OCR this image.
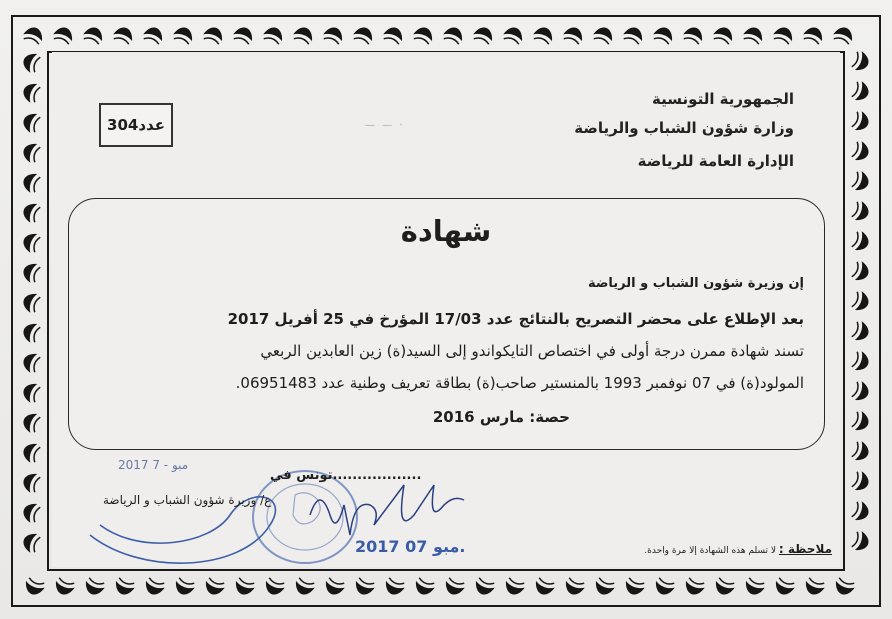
الجمهورية التونسية
وزارة شؤون الشباب والرياضة
الإدارة العامة للرياضة
عدد304	— — ·
شهادة
إن وزيرة شؤون الشباب و الرياضة
بعد الإطلاع على محضر التصريح بالنتائج عدد 17/03 المؤرخ في 25 أفريل 2017
تسند شهادة ممرن درجة أولى في اختصاص التايكواندو إلى السيد(ة) زين العابدين الربعي
المولود(ة) في 07 نوفمبر 1993 بالمنستير صاحب(ة) بطاقة تعريف وطنية عدد 06951483.
حصة: مارس 2016
2017 7 - مبو
تونس في..................
ع/ وزيرة شؤون الشباب و الرياضة
2017 مبو 07.	ملاحظة : لا تسلم هذه الشهادة إلا مرة واحدة.
